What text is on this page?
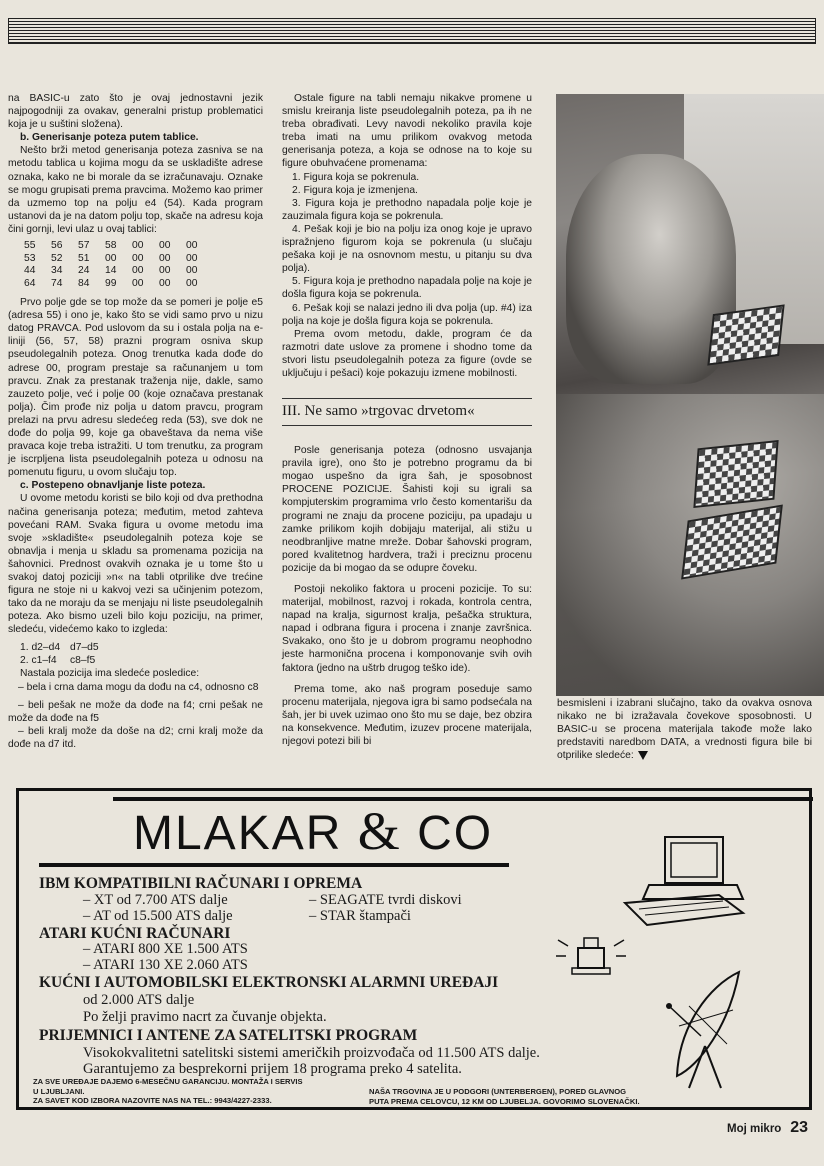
na BASIC-u zato što je ovaj jednostavni jezik najpogodniji za ovakav, generalni pristup problematici koja je u suštini složena).

b. Generisanje poteza putem tablice.

Nešto brži metod generisanja poteza zasniva se na metodu tablica u kojima mogu da se uskladište adrese oznaka, kako ne bi morale da se izračunavaju. Oznake se mogu grupisati prema pravcima. Možemo kao primer da uzmemo top na polju e4 (54). Kada program ustanovi da je na datom polju top, skače na adresu koja čini gornji, levi ulaz u ovaj tablici:

55	56	57	58	00	00	00
53	52	51	00	00	00	00
44	34	24	14	00	00	00
64	74	84	99	00	00	00

Prvo polje gde se top može da se pomeri je polje e5 (adresa 55) i ono je, kako što se vidi samo prvo u nizu datog PRAVCA. Pod uslovom da su i ostala polja na e-liniji (56, 57, 58) prazni program osniva skup pseudolegalnih poteza. Onog trenutka kada dođe do adrese 00, program prestaje sa računanjem u tom pravcu. Znak za prestanak traženja nije, dakle, samo zauzeto polje, već i polje 00 (koje označava prestanak polja). Čim prođe niz polja u datom pravcu, program prelazi na prvu adresu sledećeg reda (53), sve dok ne dođe do polja 99, koje ga obaveštava da nema više pravaca koje treba istražiti. U tom trenutku, za program je iscrpljena lista pseudolegalnih poteza u odnosu na pomenutu figuru, u ovom slučaju top.

c. Postepeno obnavljanje liste poteza.

U ovome metodu koristi se bilo koji od dva prethodna načina generisanja poteza; međutim, metod zahteva povećani RAM. Svaka figura u ovome metodu ima svoje »skladište« pseudolegalnih poteza koje se obnavlja i menja u skladu sa promenama pozicija na šahovnici. Prednost ovakvih oznaka je u tome što u svakoj datoj poziciji »n« na tabli otprilike dve trećine figura ne stoje ni u kakvoj vezi sa učinjenim potezom, tako da ne moraju da se menjaju ni liste pseudolegalnih poteza. Ako bismo uzeli bilo koju poziciju, na primer, sledeću, videćemo kako to izgleda:

1. d2–d4 d7–d5
2. c1–f4 c8–f5

Nastala pozicija ima sledeće posledice:

– bela i crna dama mogu da dođu na c4, odnosno c8

– beli pešak ne može da dođe na f4; crni pešak ne može da dođe na f5

– beli kralj može da doše na d2; crni kralj može da dođe na d7 itd.

Ostale figure na tabli nemaju nikakve promene u smislu kreiranja liste pseudolegalnih poteza, pa ih ne treba obrađivati. Levy navodi nekoliko pravila koje treba imati na umu prilikom ovakvog metoda generisanja poteza, a koja se odnose na to koje su figure obuhvaćene promenama:

1. Figura koja se pokrenula.

2. Figura koja je izmenjena.

3. Figura koja je prethodno napadala polje koje je zauzimala figura koja se pokrenula.

4. Pešak koji je bio na polju iza onog koje je upravo ispražnjeno figurom koja se pokrenula (u slučaju pešaka koji je na osnovnom mestu, u pitanju su dva polja).

5. Figura koja je prethodno napadala polje na koje je došla figura koja se pokrenula.

6. Pešak koji se nalazi jedno ili dva polja (up. #4) iza polja na koje je došla figura koja se pokrenula.

Prema ovom metodu, dakle, program će da razmotri date uslove za promene i shodno tome da stvori listu pseudolegalnih poteza za figure (ovde se uključuju i pešaci) koje pokazuju izmene mobilnosti.

III. Ne samo »trgovac drvetom«

Posle generisanja poteza (odnosno usvajanja pravila igre), ono što je potrebno programu da bi mogao uspešno da igra šah, je sposobnost PROCENE POZICIJE. Šahisti koji su igrali sa kompjuterskim programima vrlo često komentarišu da programi ne znaju da procene poziciju, pa upadaju u zamke prilikom kojih dobijaju materijal, ali stižu u neodbranljive matne mreže. Dobar šahovski program, pored kvalitetnog hardvera, traži i preciznu procenu pozicije da bi mogao da se odupre čoveku.

Postoji nekoliko faktora u proceni pozicije. To su: materijal, mobilnost, razvoj i rokada, kontrola centra, napad na kralja, sigurnost kralja, pešačka struktura, napad i odbrana figura i procena i znanje završnica. Svakako, ono što je u dobrom programu neophodno jeste harmonična procena i komponovanje svih ovih faktora (jedno na uštrb drugog teško ide).

Prema tome, ako naš program poseduje samo procenu materijala, njegova igra bi samo podsećala na šah, jer bi uvek uzimao ono što mu se daje, bez obzira na konsekvence. Međutim, izuzev procene materijala, njegovi potezi bili bi

besmisleni i izabrani slučajno, tako da ovakva osnova nikako ne bi izražavala čovekove sposobnosti. U BASIC-u se procena materijala takođe može lako predstaviti naredbom DATA, a vrednosti figura bile bi otprilike sledeće:

MLAKAR & CO
IBM KOMPATIBILNI RAČUNARI I OPREMA
– XT od 7.700 ATS dalje
– AT od 15.500 ATS dalje
– SEAGATE tvrdi diskovi
– STAR štampači
ATARI KUĆNI RAČUNARI
– ATARI 800 XE 1.500 ATS
– ATARI 130 XE 2.060 ATS
KUĆNI I AUTOMOBILSKI ELEKTRONSKI ALARMNI UREĐAJI
od 2.000 ATS dalje
Po želji pravimo nacrt za čuvanje objekta.
PRIJEMNICI I ANTENE ZA SATELITSKI PROGRAM
Visokokvalitetni satelitski sistemi američkih proizvođača od 11.500 ATS dalje.
Garantujemo za besprekorni prijem 18 programa preko 4 satelita.
ZA SVE UREĐAJE DAJEMO 6-MESEČNU GARANCIJU. MONTAŽA I SERVIS
U LJUBLJANI.
ZA SAVET KOD IZBORA NAZOVITE NAS NA TEL.: 9943/4227-2333.
NAŠA TRGOVINA JE U PODGORI (UNTERBERGEN), PORED GLAVNOG
PUTA PREMA CELOVCU, 12 KM OD LJUBELJA. GOVORIMO SLOVENAČKI.
Moj mikro 23
